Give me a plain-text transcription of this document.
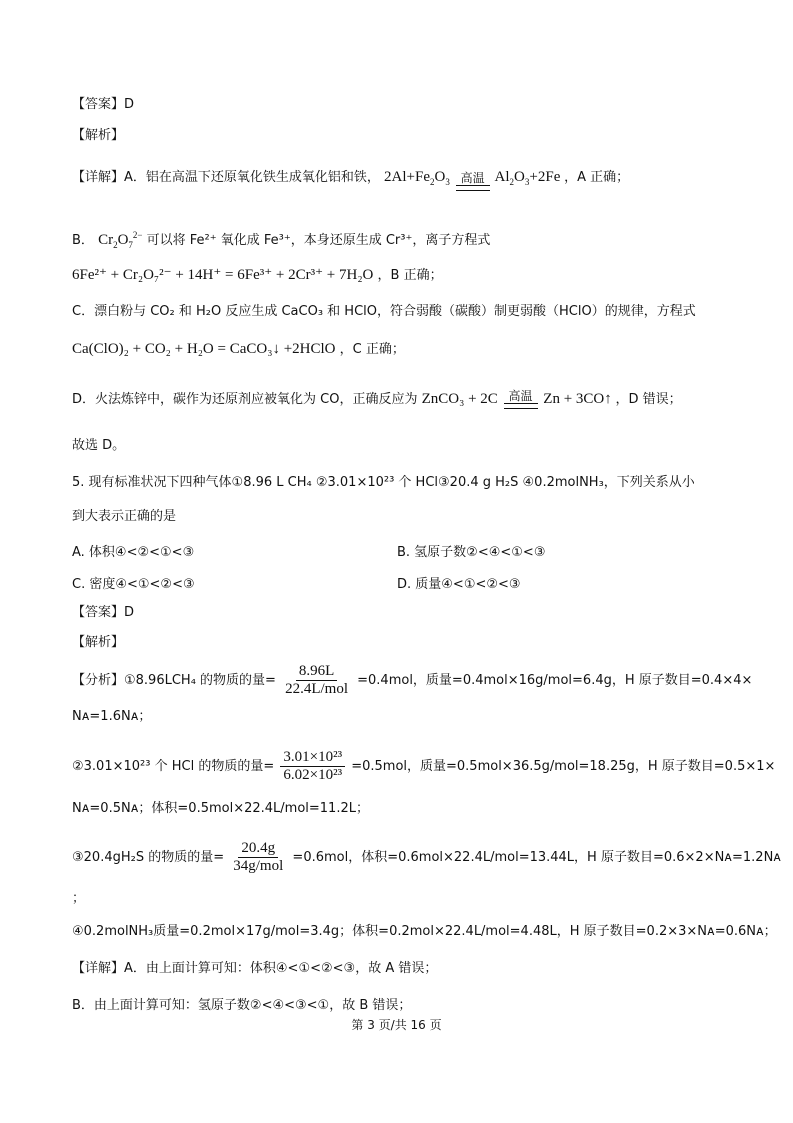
【答案】D
【解析】
【详解】A．铝在高温下还原氧化铁生成氧化铝和铁， $2Al+Fe_2O_3$ 高温 $Al_2O_3+2Fe$ ，A 正确；
B． $Cr_2O_7^{2-}$ 可以将 Fe²⁺ 氧化成 Fe³⁺，本身还原生成 Cr³⁺，离子方程式
6Fe²⁺ + Cr₂O₇²⁻ + 14H⁺ = 6Fe³⁺ + 2Cr³⁺ + 7H₂O ，B 正确；
C．漂白粉与 CO₂ 和 H₂O 反应生成 CaCO₃ 和 HClO，符合弱酸（碳酸）制更弱酸（HClO）的规律，方程式
Ca(ClO)₂ + CO₂ + H₂O = CaCO₃↓ +2HClO ，C 正确；
D．火法炼锌中，碳作为还原剂应被氧化为 CO，正确反应为 ZnCO₃ + 2C 高温 Zn + 3CO↑ ，D 错误；
故选 D。
5. 现有标准状况下四种气体①8.96 L CH₄ ②3.01×10²³ 个 HCl③20.4 g H₂S ④0.2molNH₃，下列关系从小
到大表示正确的是
A. 体积④<②<①<③	B. 氢原子数②<④<①<③
C. 密度④<①<②<③	D. 质量④<①<②<③
【答案】D
【解析】
【分析】①8.96LCH₄ 的物质的量= $\frac{8.96L}{\text{22.4L/mol}} =0.4mol$，质量=0.4mol×16g/mol=6.4g，H 原子数目=0.4×4×
Nᴀ=1.6Nᴀ；
②3.01×10²³ 个 HCl 的物质的量= $\frac{\text{3.01×10²³}}{\text{6.02×10²³}} =0.5mol$，质量=0.5mol×36.5g/mol=18.25g，H 原子数目=0.5×1×
Nᴀ=0.5Nᴀ；体积=0.5mol×22.4L/mol=11.2L；
③20.4gH₂S 的物质的量= $\frac{20.4g}{\text{34g/mol}} =0.6mol$，体积=0.6mol×22.4L/mol=13.44L，H 原子数目=0.6×2×Nᴀ=1.2Nᴀ
；
④0.2molNH₃质量=0.2mol×17g/mol=3.4g；体积=0.2mol×22.4L/mol=4.48L，H 原子数目=0.2×3×Nᴀ=0.6Nᴀ；
【详解】A．由上面计算可知：体积④<①<②<③，故 A 错误；
B．由上面计算可知：氢原子数②<④<③<①，故 B 错误；
第 3 页/共 16 页
